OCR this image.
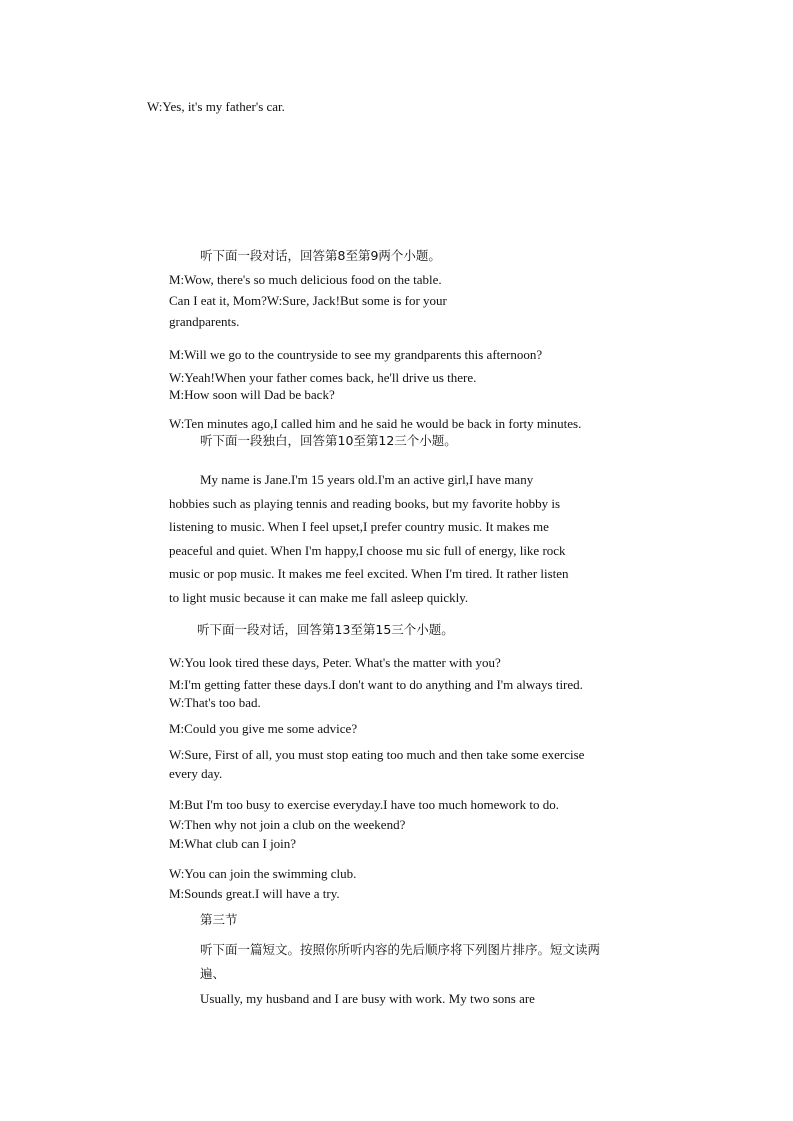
W:Yes, it's my father's car.

听下面一段对话，回答第8至第9两个小题。

M:Wow, there's so much delicious food on the table.

Can I eat it, Mom?W:Sure, Jack!But some is for your

grandparents.

M:Will we go to the countryside to see my grandparents this afternoon?

W:Yeah!When your father comes back, he'll drive us there.

M:How soon will Dad be back?

W:Ten minutes ago,I called him and he said he would be back in forty minutes.

听下面一段独白，回答第10至第12三个小题。

My name is Jane.I'm 15 years old.I'm an active girl,I have many

hobbies such as playing tennis and reading books, but my favorite hobby is

listening to music. When I feel upset,I prefer country music. It makes me

peaceful and quiet. When I'm happy,I choose mu sic full of energy, like rock

music or pop music. It makes me feel excited. When I'm tired. It rather listen

to light music because it can make me fall asleep quickly.

听下面一段对话，回答第13至第15三个小题。

W:You look tired these days, Peter. What's the matter with you?

M:I'm getting fatter these days.I don't want to do anything and I'm always tired.

W:That's too bad.

M:Could you give me some advice?

W:Sure, First of all, you must stop eating too much and then take some exercise

every day.

M:But I'm too busy to exercise everyday.I have too much homework to do.

W:Then why not join a club on the weekend?

M:What club can I join?

W:You can join the swimming club.

M:Sounds great.I will have a try.

第三节

听下面一篇短文。按照你所听内容的先后顺序将下列图片排序。短文读两

遍、

Usually, my husband and I are busy with work. My two sons are
